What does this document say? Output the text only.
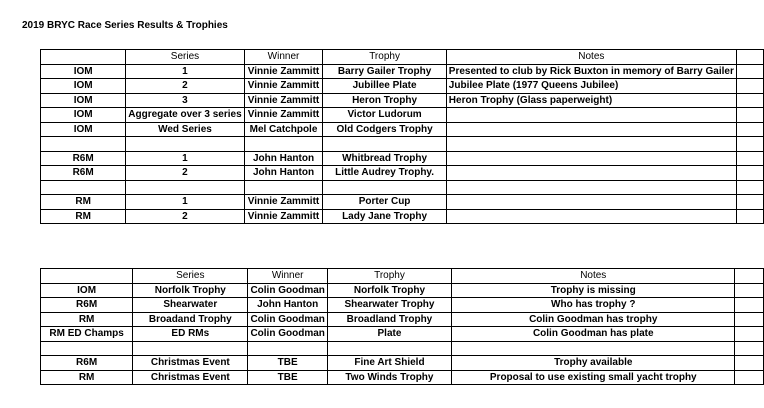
2019 BRYC Race Series Results & Trophies
	Series	Winner	Trophy	Notes	
IOM	1	Vinnie Zammitt	Barry Gailer Trophy	Presented to club by Rick Buxton in memory of Barry Gailer	
IOM	2	Vinnie Zammitt	Jubillee Plate	Jubilee Plate (1977 Queens Jubilee)	
IOM	3	Vinnie Zammitt	Heron Trophy	Heron Trophy (Glass paperweight)	
IOM	Aggregate over 3 series	Vinnie Zammitt	Victor Ludorum		
IOM	Wed Series	Mel Catchpole	Old Codgers Trophy		

R6M	1	John Hanton	Whitbread Trophy		
R6M	2	John Hanton	Little Audrey Trophy.		

RM	1	Vinnie Zammitt	Porter Cup		
RM	2	Vinnie Zammitt	Lady Jane Trophy		
	Series	Winner	Trophy	Notes	
IOM	Norfolk Trophy	Colin Goodman	Norfolk Trophy	Trophy is missing	
R6M	Shearwater	John Hanton	Shearwater Trophy	Who has trophy ?	
RM	Broadand Trophy	Colin Goodman	Broadland Trophy	Colin Goodman has trophy	
RM ED Champs	ED RMs	Colin Goodman	Plate	Colin Goodman has plate	

R6M	Christmas Event	TBE	Fine Art Shield	Trophy available	
RM	Christmas Event	TBE	Two Winds Trophy	Proposal to use existing small yacht trophy	
